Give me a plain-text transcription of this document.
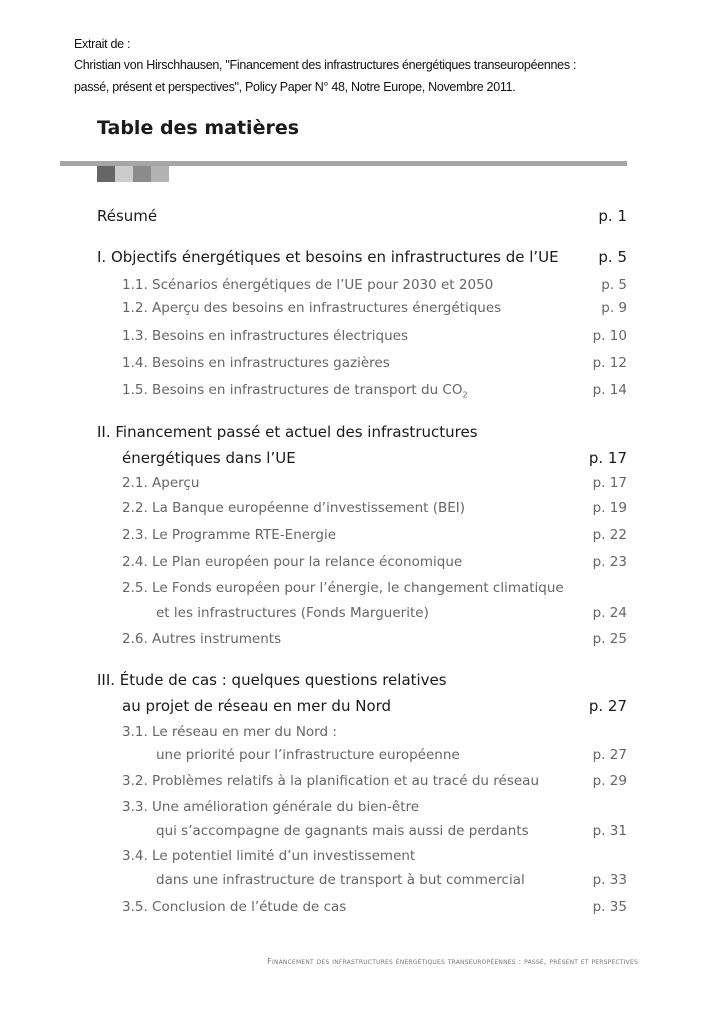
Extrait de :
Christian von Hirschhausen, "Financement des infrastructures énergétiques transeuropéennes :
passé, présent et perspectives", Policy Paper N° 48, Notre Europe, Novembre 2011.
Table des matières
Résumé	p. 1
I. Objectifs énergétiques et besoins en infrastructures de l’UE	p. 5
1.1. Scénarios énergétiques de l’UE pour 2030 et 2050	p. 5
1.2. Aperçu des besoins en infrastructures énergétiques	p. 9
1.3. Besoins en infrastructures électriques	p. 10
1.4. Besoins en infrastructures gazières	p. 12
1.5. Besoins en infrastructures de transport du $CO_2$	p. 14
II. Financement passé et actuel des infrastructures
énergétiques dans l’UE	p. 17
2.1. Aperçu	p. 17
2.2. La Banque européenne d’investissement (BEI)	p. 19
2.3. Le Programme RTE-Energie	p. 22
2.4. Le Plan européen pour la relance économique	p. 23
2.5. Le Fonds européen pour l’énergie, le changement climatique
et les infrastructures (Fonds Marguerite)	p. 24
2.6. Autres instruments	p. 25
III. Étude de cas : quelques questions relatives
au projet de réseau en mer du Nord	p. 27
3.1. Le réseau en mer du Nord :
une priorité pour l’infrastructure européenne	p. 27
3.2. Problèmes relatifs à la planification et au tracé du réseau	p. 29
3.3. Une amélioration générale du bien-être
qui s’accompagne de gagnants mais aussi de perdants	p. 31
3.4. Le potentiel limité d’un investissement
dans une infrastructure de transport à but commercial	p. 33
3.5. Conclusion de l’étude de cas	p. 35
Financement des infrastructures énergétiques transeuropéennes : passé, présent et perspectives
